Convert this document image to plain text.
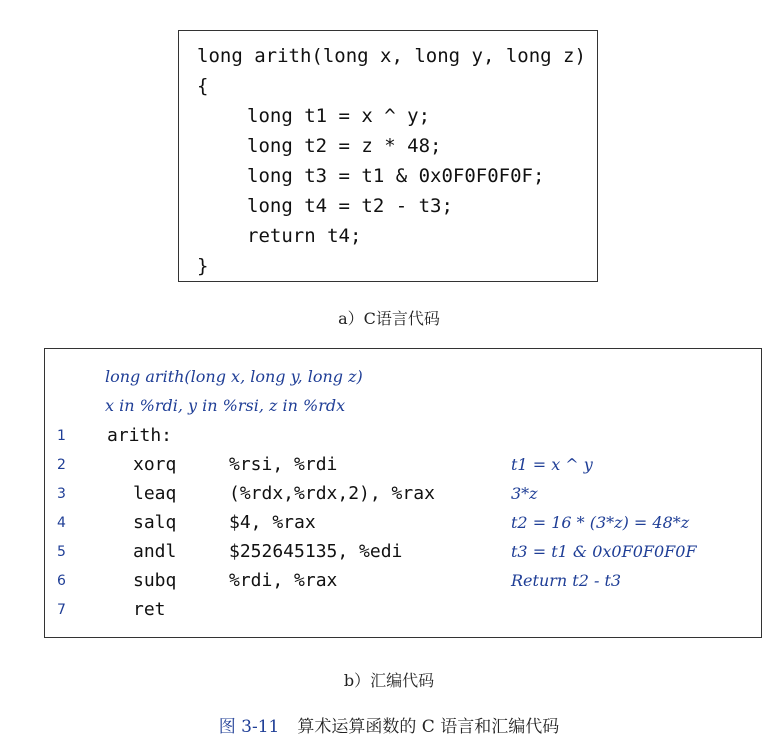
long arith(long x, long y, long z)
{
long t1 = x ^ y;
long t2 = z * 48;
long t3 = t1 & 0x0F0F0F0F;
long t4 = t2 - t3;
return t4;
}
a）C语言代码
long arith(long x, long y, long z)
x in %rdi, y in %rsi, z in %rdx
1	arith:
2	xorq	%rsi, %rdi	t1 = x ^ y
3	leaq	(%rdx,%rdx,2), %rax	3*z
4	salq	$4, %rax	t2 = 16 * (3*z) = 48*z
5	andl	$252645135, %edi	t3 = t1 & 0x0F0F0F0F
6	subq	%rdi, %rax	Return t2 - t3
7	ret
b）汇编代码
图 3-11 算术运算函数的 C 语言和汇编代码
